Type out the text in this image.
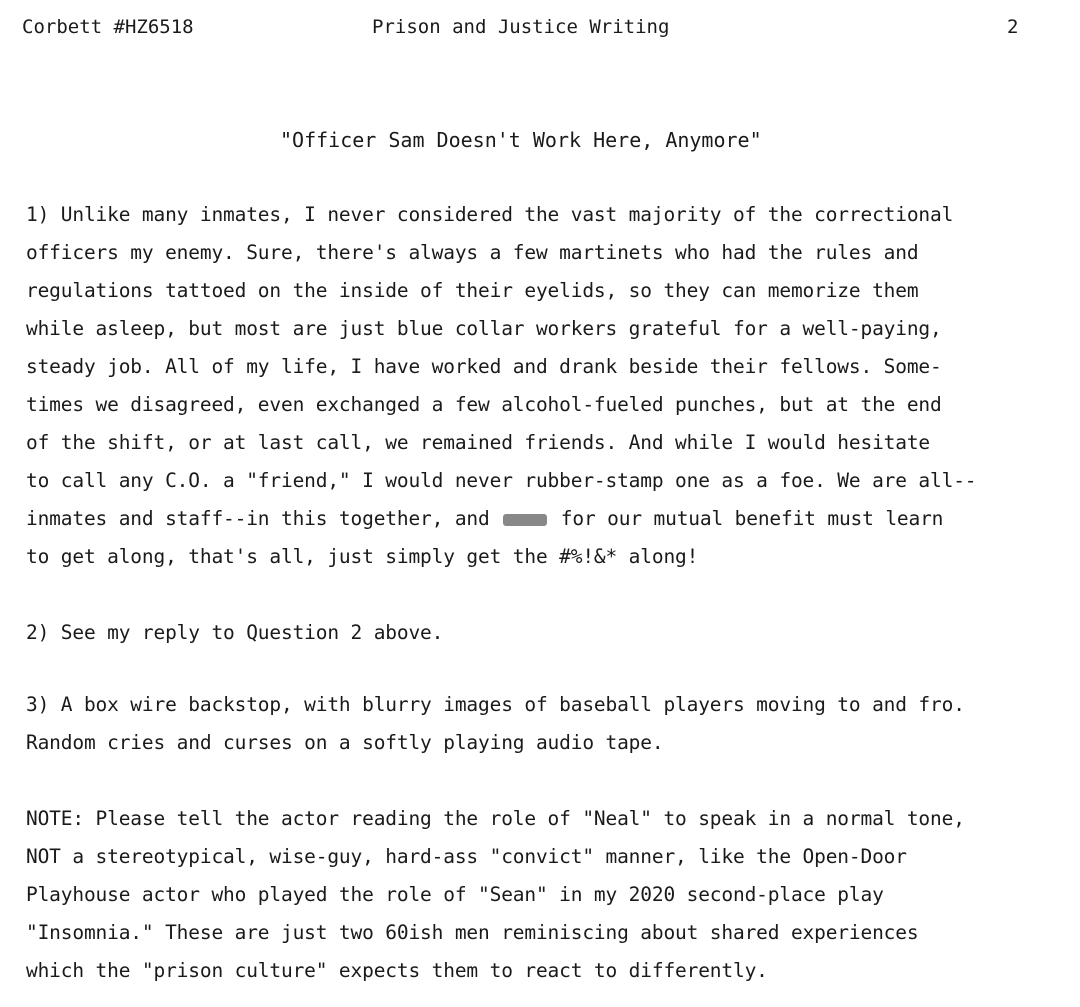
Corbett #HZ6518	Prison and Justice Writing	2
"Officer Sam Doesn't Work Here, Anymore"
1) Unlike many inmates, I never considered the vast majority of the correctional
officers my enemy. Sure, there's always a few martinets who had the rules and
regulations tattoed on the inside of their eyelids, so they can memorize them
while asleep, but most are just blue collar workers grateful for a well-paying,
steady job. All of my life, I have worked and drank beside their fellows. Some-
times we disagreed, even exchanged a few alcohol-fueled punches, but at the end
of the shift, or at last call, we remained friends. And while I would hesitate
to call any C.O. a "friend," I would never rubber-stamp one as a foe. We are all--
inmates and staff--in this together, and  for our mutual benefit must learn
to get along, that's all, just simply get the #%!&* along!
2) See my reply to Question 2 above.
3) A box wire backstop, with blurry images of baseball players moving to and fro.
Random cries and curses on a softly playing audio tape.
NOTE: Please tell the actor reading the role of "Neal" to speak in a normal tone,
NOT a stereotypical, wise-guy, hard-ass "convict" manner, like the Open-Door
Playhouse actor who played the role of "Sean" in my 2020 second-place play
"Insomnia." These are just two 60ish men reminiscing about shared experiences
which the "prison culture" expects them to react to differently.
